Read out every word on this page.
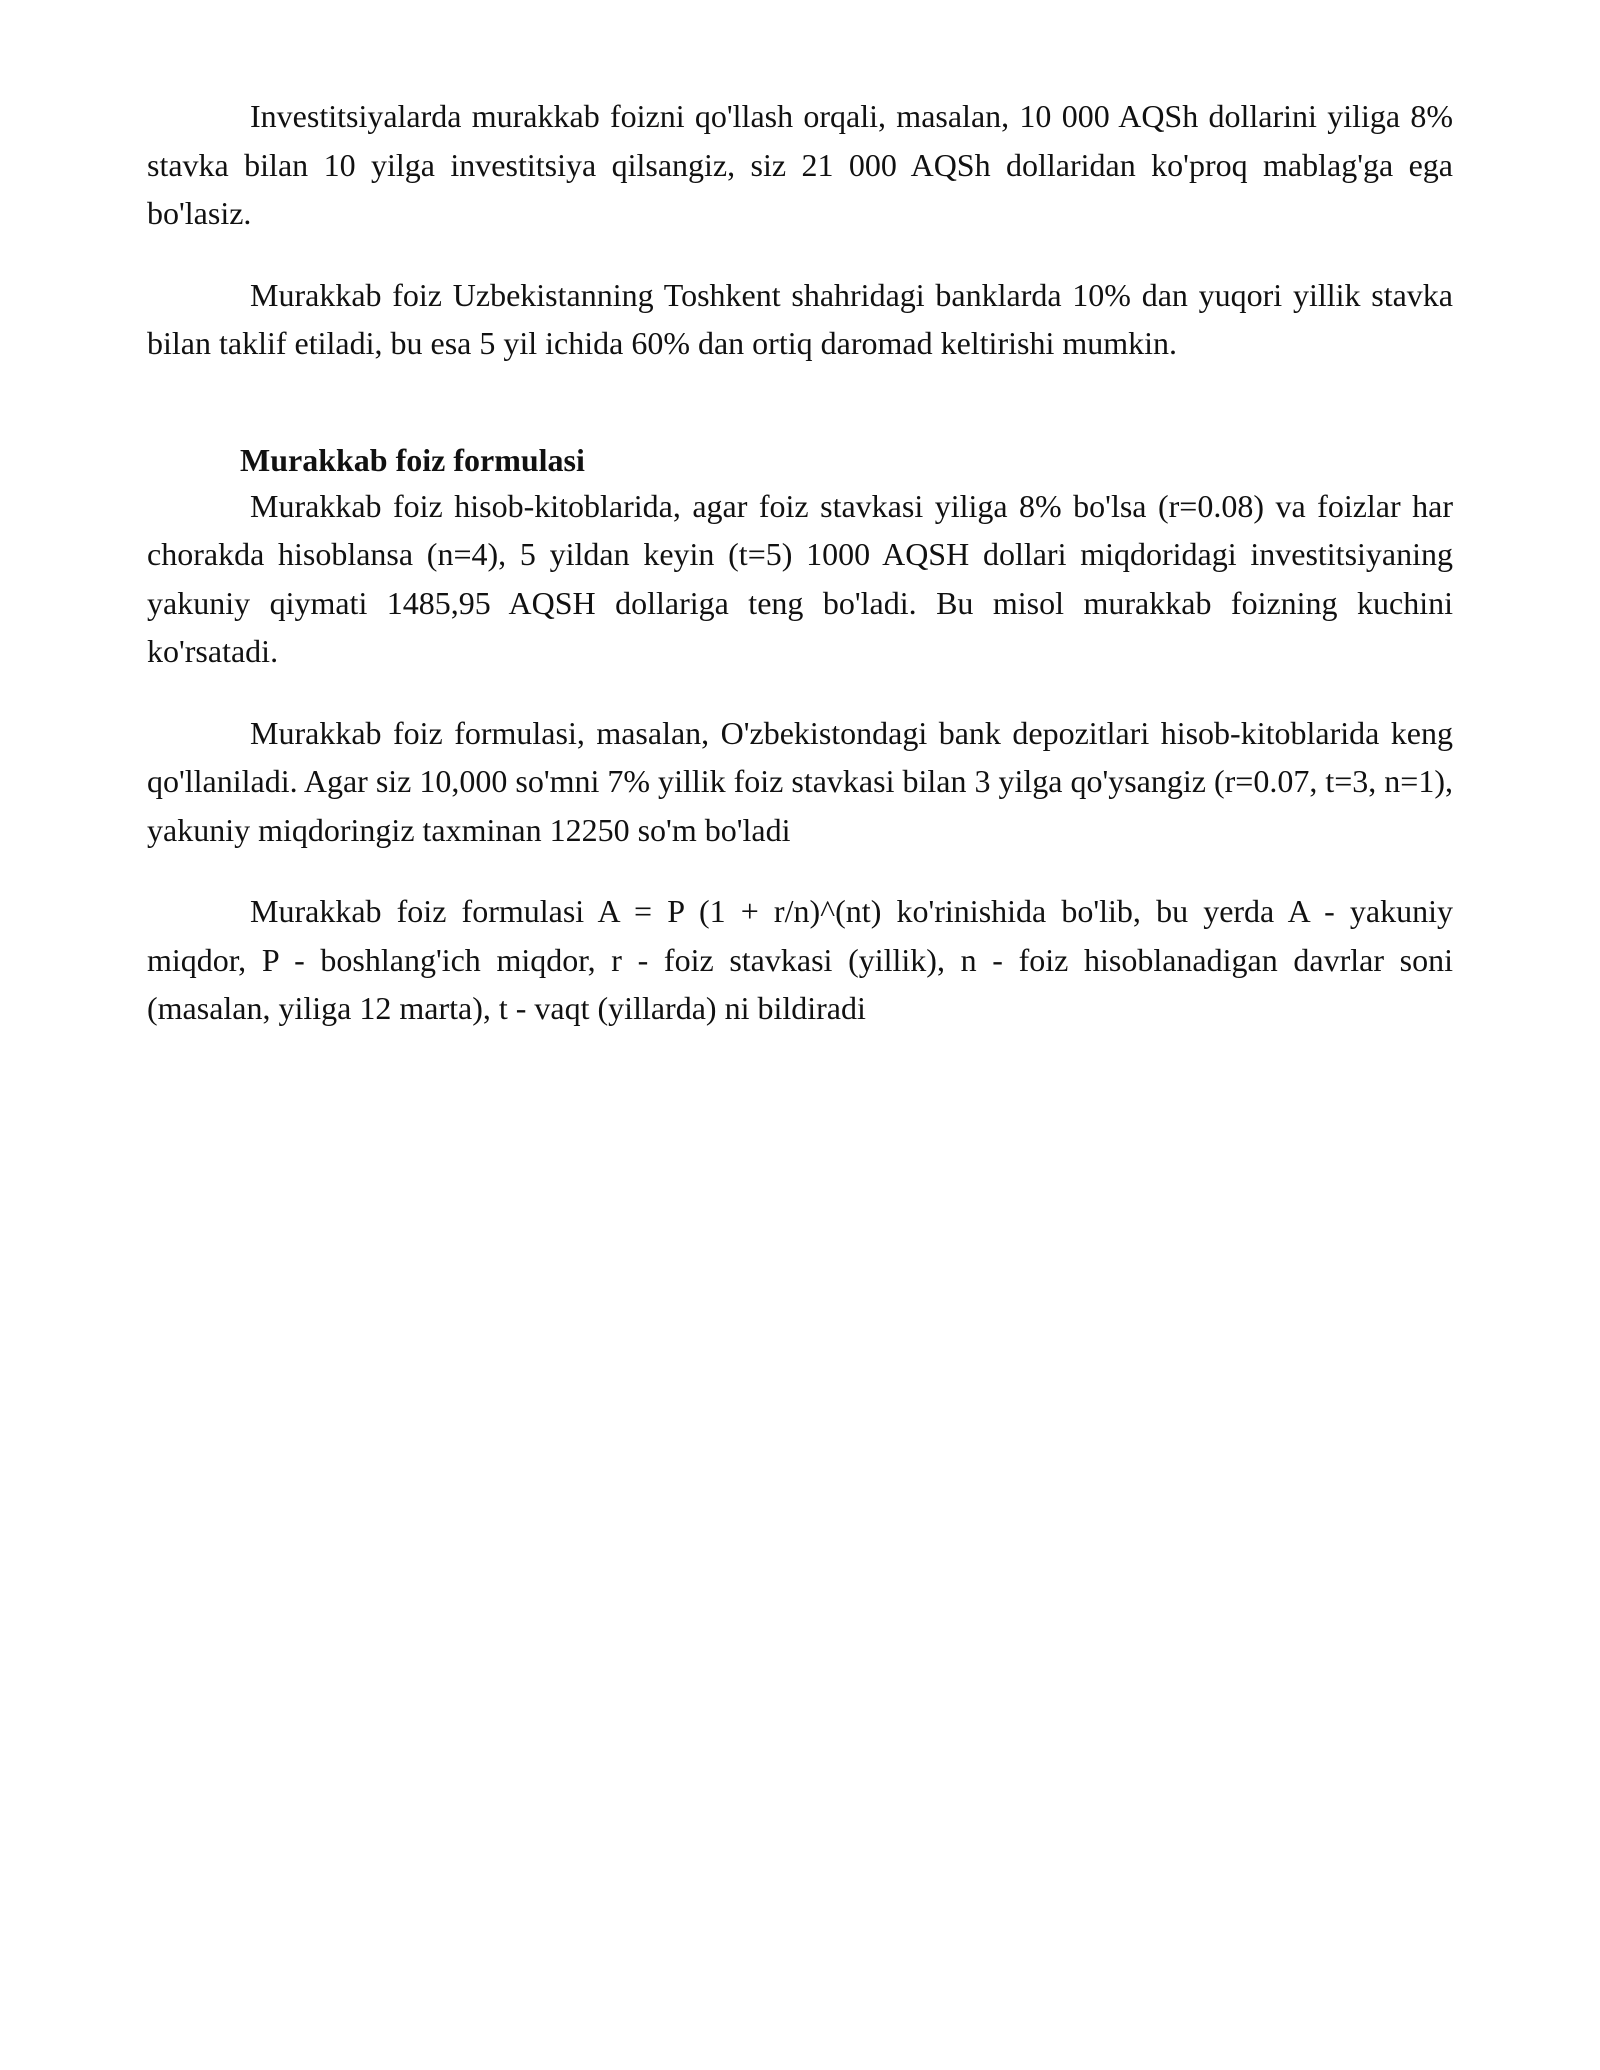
Investitsiyalarda murakkab foizni qo'llash orqali, masalan, 10 000 AQSh dollarini yiliga 8% stavka bilan 10 yilga investitsiya qilsangiz, siz 21 000 AQSh dollaridan ko'proq mablag'ga ega bo'lasiz.

Murakkab foiz Uzbekistanning Toshkent shahridagi banklarda 10% dan yuqori yillik stavka bilan taklif etiladi, bu esa 5 yil ichida 60% dan ortiq daromad keltirishi mumkin.

Murakkab foiz formulasi

Murakkab foiz hisob-kitoblarida, agar foiz stavkasi yiliga 8% bo'lsa (r=0.08) va foizlar har chorakda hisoblansa (n=4), 5 yildan keyin (t=5) 1000 AQSH dollari miqdoridagi investitsiyaning yakuniy qiymati 1485,95 AQSH dollariga teng bo'ladi. Bu misol murakkab foizning kuchini ko'rsatadi.

Murakkab foiz formulasi, masalan, O'zbekistondagi bank depozitlari hisob-kitoblarida keng qo'llaniladi. Agar siz 10,000 so'mni 7% yillik foiz stavkasi bilan 3 yilga qo'ysangiz (r=0.07, t=3, n=1), yakuniy miqdoringiz taxminan 12250 so'm bo'ladi

Murakkab foiz formulasi A = P (1 + r/n)^(nt) ko'rinishida bo'lib, bu yerda A - yakuniy miqdor, P - boshlang'ich miqdor, r - foiz stavkasi (yillik), n - foiz hisoblanadigan davrlar soni (masalan, yiliga 12 marta), t - vaqt (yillarda) ni bildiradi
